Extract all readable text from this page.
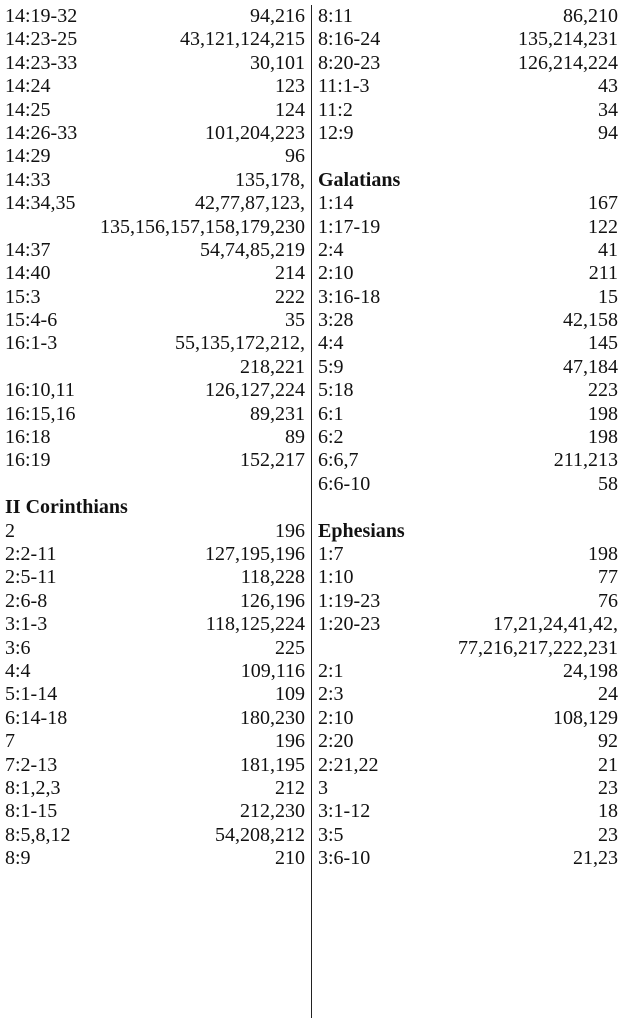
14:19-32	94,216
14:23-25	43,121,124,215
14:23-33	30,101
14:24	123
14:25	124
14:26-33	101,204,223
14:29	96
14:33	135,178,
14:34,35	42,77,87,123,
135,156,157,158,179,230
14:37	54,74,85,219
14:40	214
15:3	222
15:4-6	35
16:1-3	55,135,172,212,
218,221
16:10,11	126,127,224
16:15,16	89,231
16:18	89
16:19	152,217
II Corinthians
2	196
2:2-11	127,195,196
2:5-11	118,228
2:6-8	126,196
3:1-3	118,125,224
3:6	225
4:4	109,116
5:1-14	109
6:14-18	180,230
7	196
7:2-13	181,195
8:1,2,3	212
8:1-15	212,230
8:5,8,12	54,208,212
8:9	210
8:11	86,210
8:16-24	135,214,231
8:20-23	126,214,224
11:1-3	43
11:2	34
12:9	94
Galatians
1:14	167
1:17-19	122
2:4	41
2:10	211
3:16-18	15
3:28	42,158
4:4	145
5:9	47,184
5:18	223
6:1	198
6:2	198
6:6,7	211,213
6:6-10	58
Ephesians
1:7	198
1:10	77
1:19-23	76
1:20-23	17,21,24,41,42,
77,216,217,222,231
2:1	24,198
2:3	24
2:10	108,129
2:20	92
2:21,22	21
3	23
3:1-12	18
3:5	23
3:6-10	21,23
